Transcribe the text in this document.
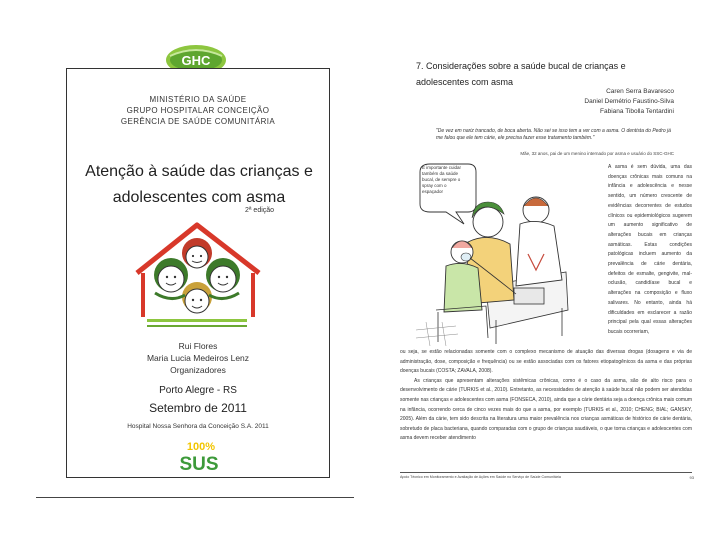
GHC
MINISTÉRIO DA SAÚDE
GRUPO HOSPITALAR CONCEIÇÃO
GERÊNCIA DE SAÚDE COMUNITÁRIA
Atenção à saúde das crianças e
adolescentes com asma
2ª edição
Rui Flores
Maria Lucia Medeiros Lenz
Organizadores
Porto Alegre - RS
Setembro de 2011
Hospital Nossa Senhora da Conceição S.A. 2011
100%
SUS
7. Considerações sobre a saúde bucal de crianças e adolescentes com asma
Caren Serra Bavaresco
Daniel Demétrio Faustino-Silva
Fabiana Tibolla Tentardini
"De vez em nariz trancado, de boca aberta. Não sei se isso tem a ver com a asma. O dentista do Pedro já me falou que ele tem cárie, ele precisa fazer esse tratamento também."
Mãe, 32 anos, pai de um menino internado por asma e usuário do SSC-GHC
É importante cuidar também da saúde bucal, de sempre o spray com o espaçador
A asma é sem dúvida, uma das doenças crônicas mais comuns na infância e adolescência e nesse sentido, um número crescente de evidências decorrentes de estudos clínicos ou epidemiológicos sugerem um aumento significativo de alterações bucais em crianças asmáticas. Estas condições patológicas incluem aumento da prevalência de cárie dentária, defeitos de esmalte, gengivite, mal-oclusão, candidíase bucal e alterações na composição e fluxo salivares. No entanto, ainda há dificuldades em esclarecer a razão principal pela qual essas alterações bucais ocorreriam,

ou seja, se estão relacionadas somente com o complexo mecanismo de atuação das diversas drogas (dosagens e via de administração, dose, composição e frequência) ou se estão associadas com os fatores etiopatogênicos da asma e das próprias doenças bucais (COSTA; ZAVALA, 2008).

As crianças que apresentam alterações sistêmicas crônicas, como é o caso da asma, são de alto risco para o desenvolvimento de cárie (TURKIS et al., 2010). Entretanto, as necessidades de atenção à saúde bucal não podem ser atendidas somente nas crianças e adolescentes com asma (FONSECA, 2010), ainda que a cárie dentária seja a doença crônica mais comum na infância, ocorrendo cerca de cinco vezes mais do que a asma, por exemplo (TURKIS et al., 2010; CHENG; BIAL; GANSKY, 2005). Além da cárie, tem sido descrita na literatura uma maior prevalência nos crianças asmáticas de histórico de cárie dentária, sobretudo de placa bacteriana, quando comparadas com o grupo de crianças saudáveis, o que torna crianças e adolescentes com asma devem receber atendimento

Apoio Técnico em Monitoramento e Avaliação de Ações em Saúde no Serviço de Saúde Comunitária	93
